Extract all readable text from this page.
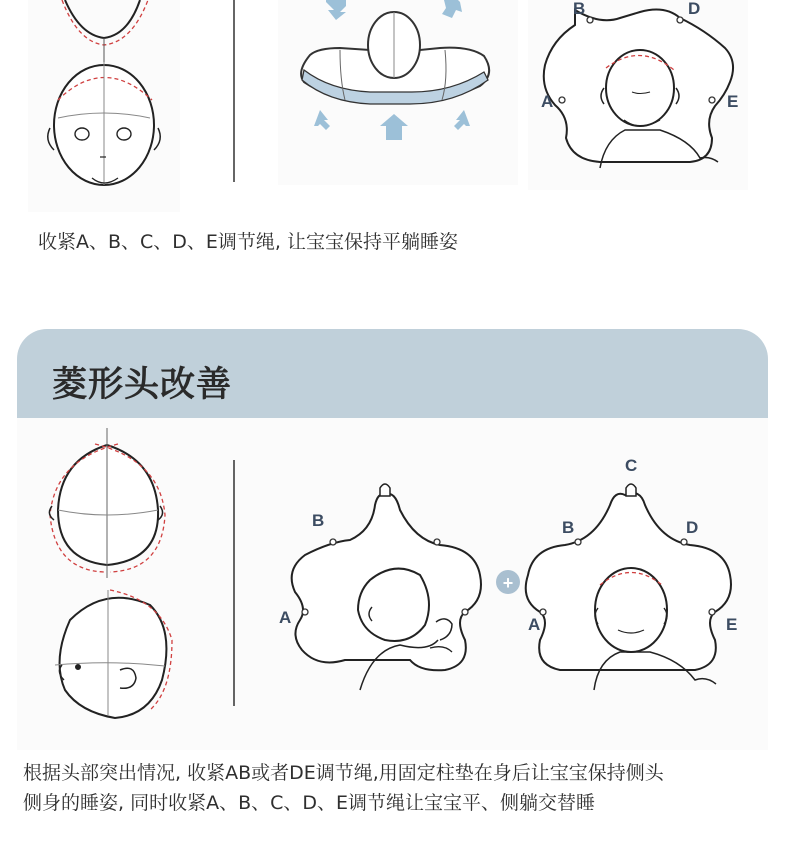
收紧A、B、C、D、E调节绳, 让宝宝保持平躺睡姿
菱形头改善
根据头部突出情况, 收紧AB或者DE调节绳,用固定柱垫在身后让宝宝保持侧头
侧身的睡姿, 同时收紧A、B、C、D、E调节绳让宝宝平、侧躺交替睡
B	D
A	E
B
A
+
C
B	D
A	E
